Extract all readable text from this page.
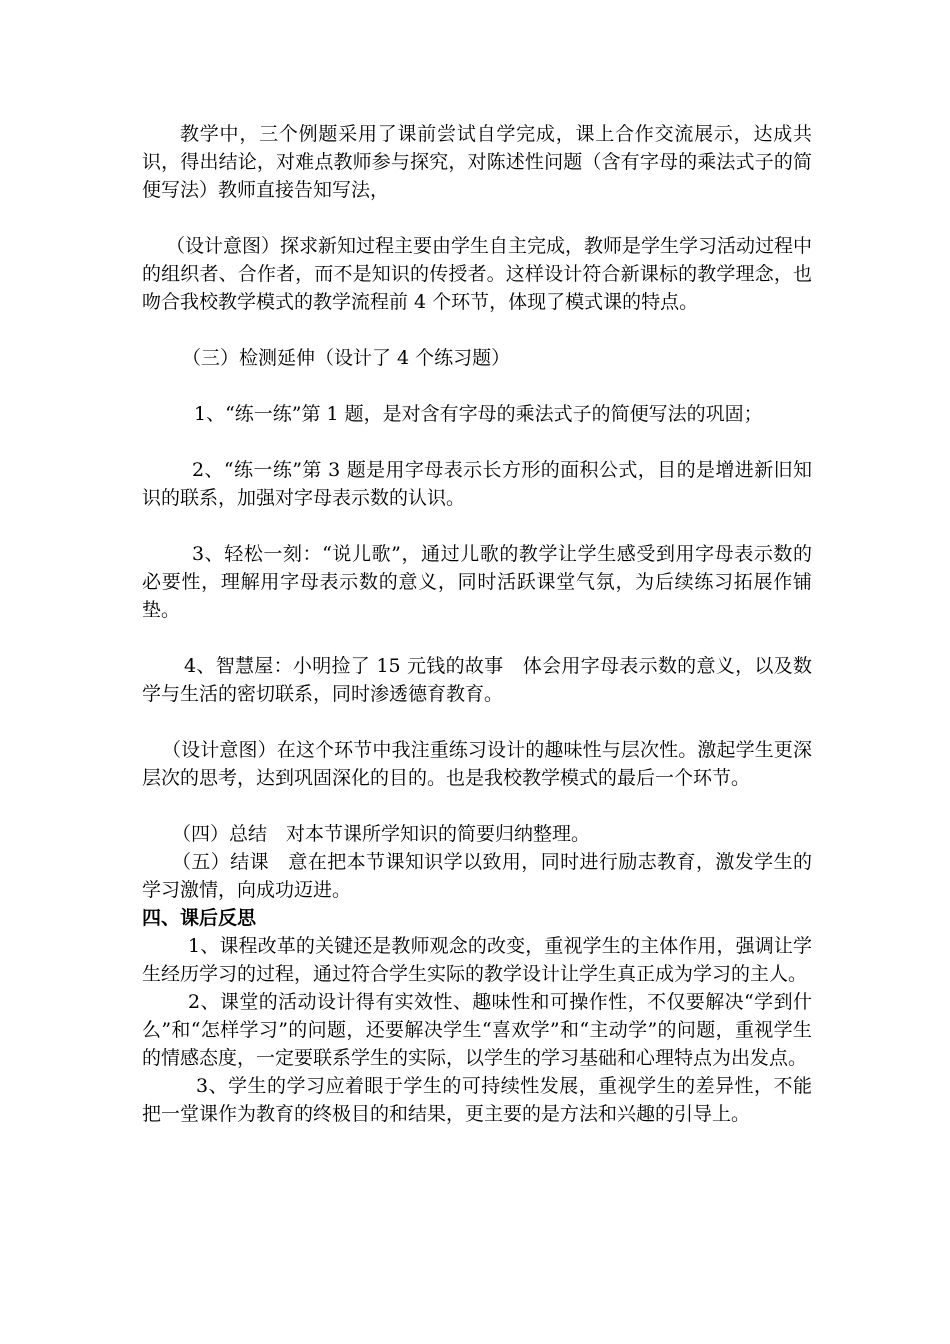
教学中，三个例题采用了课前尝试自学完成，课上合作交流展示，达成共识，得出结论，对难点教师参与探究，对陈述性问题（含有字母的乘法式子的简便写法）教师直接告知写法，

（设计意图）探求新知过程主要由学生自主完成，教师是学生学习活动过程中的组织者、合作者，而不是知识的传授者。这样设计符合新课标的教学理念，也吻合我校教学模式的教学流程前 4 个环节，体现了模式课的特点。

（三）检测延伸（设计了 4 个练习题）

1、“练一练”第 1 题，是对含有字母的乘法式子的简便写法的巩固；

2、“练一练”第 3 题是用字母表示长方形的面积公式，目的是增进新旧知识的联系，加强对字母表示数的认识。

3、轻松一刻：“说儿歌”，通过儿歌的教学让学生感受到用字母表示数的必要性，理解用字母表示数的意义，同时活跃课堂气氛，为后续练习拓展作铺垫。

4、智慧屋：小明捡了 15 元钱的故事　体会用字母表示数的意义，以及数学与生活的密切联系，同时渗透德育教育。

（设计意图）在这个环节中我注重练习设计的趣味性与层次性。激起学生更深层次的思考，达到巩固深化的目的。也是我校教学模式的最后一个环节。

（四）总结　对本节课所学知识的简要归纳整理。

（五）结课　意在把本节课知识学以致用，同时进行励志教育，激发学生的学习激情，向成功迈进。

四、课后反思

1、课程改革的关键还是教师观念的改变，重视学生的主体作用，强调让学生经历学习的过程，通过符合学生实际的教学设计让学生真正成为学习的主人。

2、课堂的活动设计得有实效性、趣味性和可操作性，不仅要解决“学到什么”和“怎样学习”的问题，还要解决学生“喜欢学”和“主动学”的问题，重视学生的情感态度，一定要联系学生的实际，以学生的学习基础和心理特点为出发点。

3、学生的学习应着眼于学生的可持续性发展，重视学生的差异性，不能把一堂课作为教育的终极目的和结果，更主要的是方法和兴趣的引导上。
